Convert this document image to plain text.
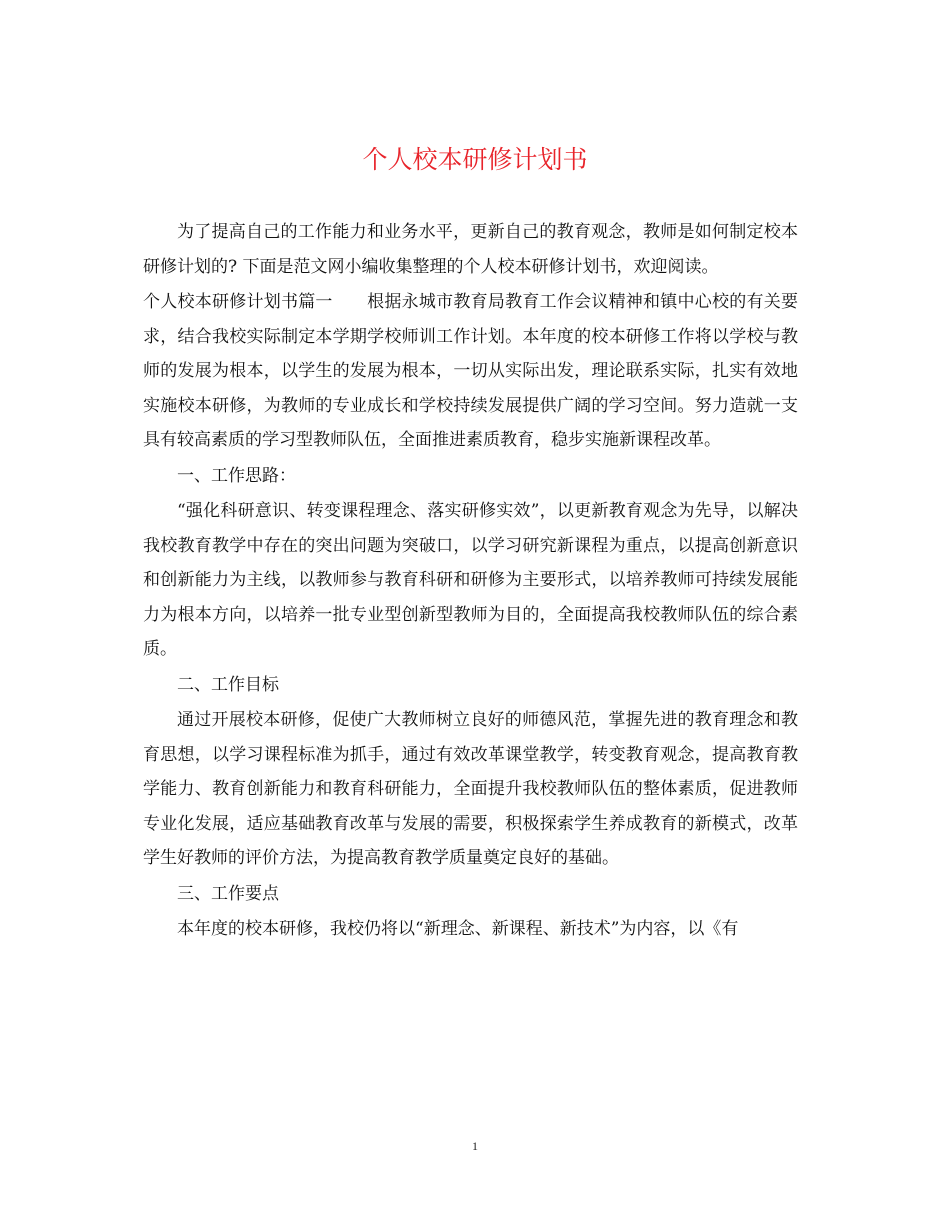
个人校本研修计划书

为了提高自己的工作能力和业务水平，更新自己的教育观念，教师是如何制定校本研修计划的? 下面是范文网小编收集整理的个人校本研修计划书，欢迎阅读。

个人校本研修计划书篇一　　根据永城市教育局教育工作会议精神和镇中心校的有关要求，结合我校实际制定本学期学校师训工作计划。本年度的校本研修工作将以学校与教师的发展为根本，以学生的发展为根本，一切从实际出发，理论联系实际，扎实有效地实施校本研修，为教师的专业成长和学校持续发展提供广阔的学习空间。努力造就一支具有较高素质的学习型教师队伍，全面推进素质教育，稳步实施新课程改革。

一、工作思路：

“强化科研意识、转变课程理念、落实研修实效”，以更新教育观念为先导，以解决我校教育教学中存在的突出问题为突破口，以学习研究新课程为重点，以提高创新意识和创新能力为主线，以教师参与教育科研和研修为主要形式，以培养教师可持续发展能力为根本方向，以培养一批专业型创新型教师为目的，全面提高我校教师队伍的综合素质。

二、工作目标

通过开展校本研修，促使广大教师树立良好的师德风范，掌握先进的教育理念和教育思想，以学习课程标准为抓手，通过有效改革课堂教学，转变教育观念，提高教育教学能力、教育创新能力和教育科研能力，全面提升我校教师队伍的整体素质，促进教师专业化发展，适应基础教育改革与发展的需要，积极探索学生养成教育的新模式，改革学生好教师的评价方法，为提高教育教学质量奠定良好的基础。

三、工作要点

本年度的校本研修，我校仍将以“新理念、新课程、新技术”为内容，以《有

1
